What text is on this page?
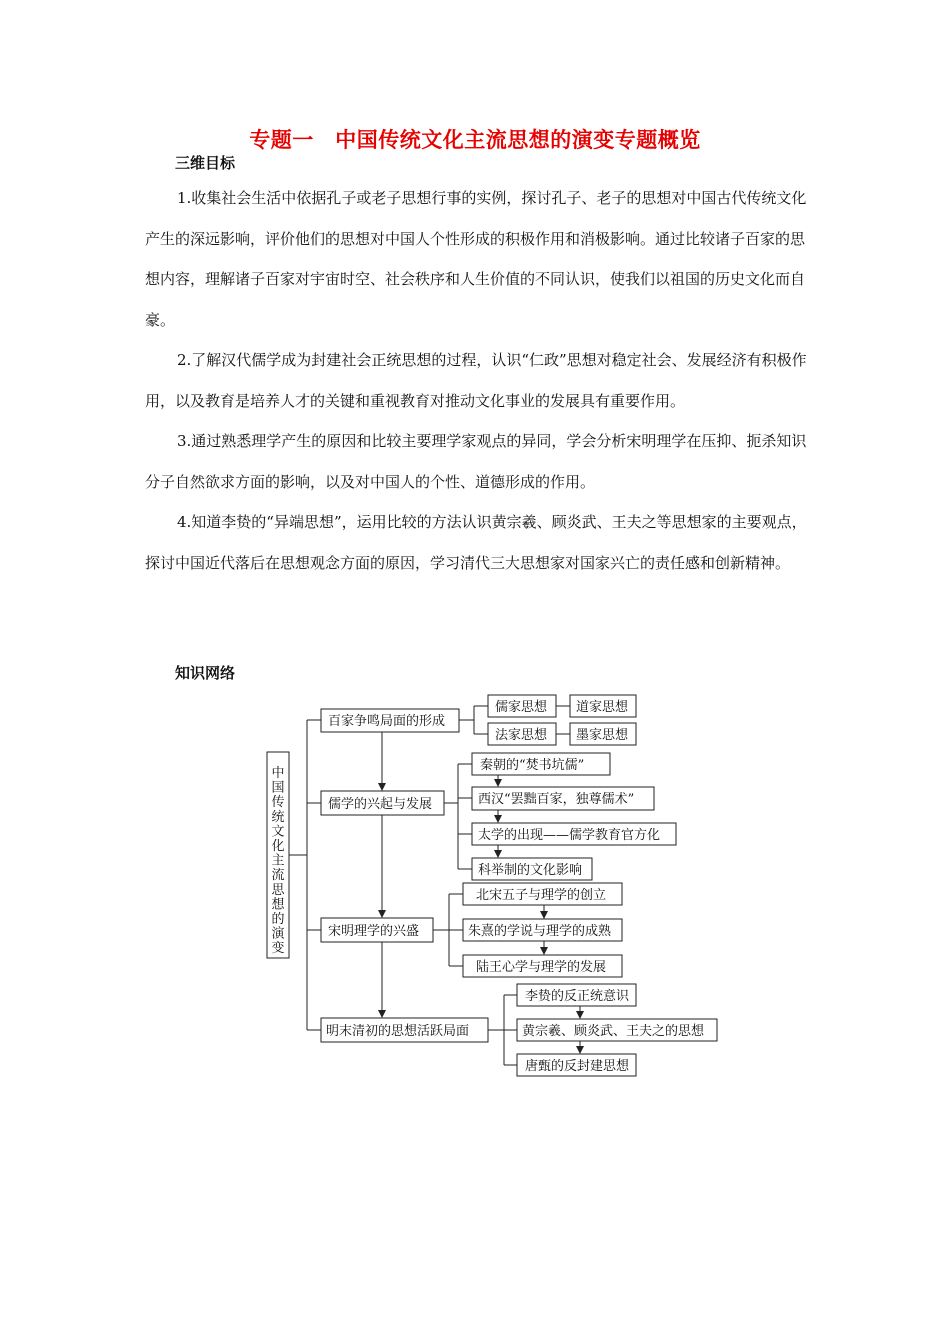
专题一　中国传统文化主流思想的演变专题概览
三维目标

1.收集社会生活中依据孔子或老子思想行事的实例，探讨孔子、老子的思想对中国古代传统文化产生的深远影响，评价他们的思想对中国人个性形成的积极作用和消极影响。通过比较诸子百家的思想内容，理解诸子百家对宇宙时空、社会秩序和人生价值的不同认识，使我们以祖国的历史文化而自豪。

2.了解汉代儒学成为封建社会正统思想的过程，认识“仁政”思想对稳定社会、发展经济有积极作用，以及教育是培养人才的关键和重视教育对推动文化事业的发展具有重要作用。

3.通过熟悉理学产生的原因和比较主要理学家观点的异同，学会分析宋明理学在压抑、扼杀知识分子自然欲求方面的影响，以及对中国人的个性、道德形成的作用。

4.知道李贽的“异端思想”，运用比较的方法认识黄宗羲、顾炎武、王夫之等思想家的主要观点，探讨中国近代落后在思想观念方面的原因，学习清代三大思想家对国家兴亡的责任感和创新精神。

知识网络
中
国
传
统
文
化
主
流
思
想
的
演
变
百家争鸣局面的形成
儒学的兴起与发展
宋明理学的兴盛
明末清初的思想活跃局面
儒家思想 道家思想
法家思想 墨家思想
秦朝的“焚书坑儒”
西汉“罢黜百家，独尊儒术”
太学的出现——儒学教育官方化
科举制的文化影响
北宋五子与理学的创立
朱熹的学说与理学的成熟
陆王心学与理学的发展
李贽的反正统意识
黄宗羲、顾炎武、王夫之的思想
唐甄的反封建思想
